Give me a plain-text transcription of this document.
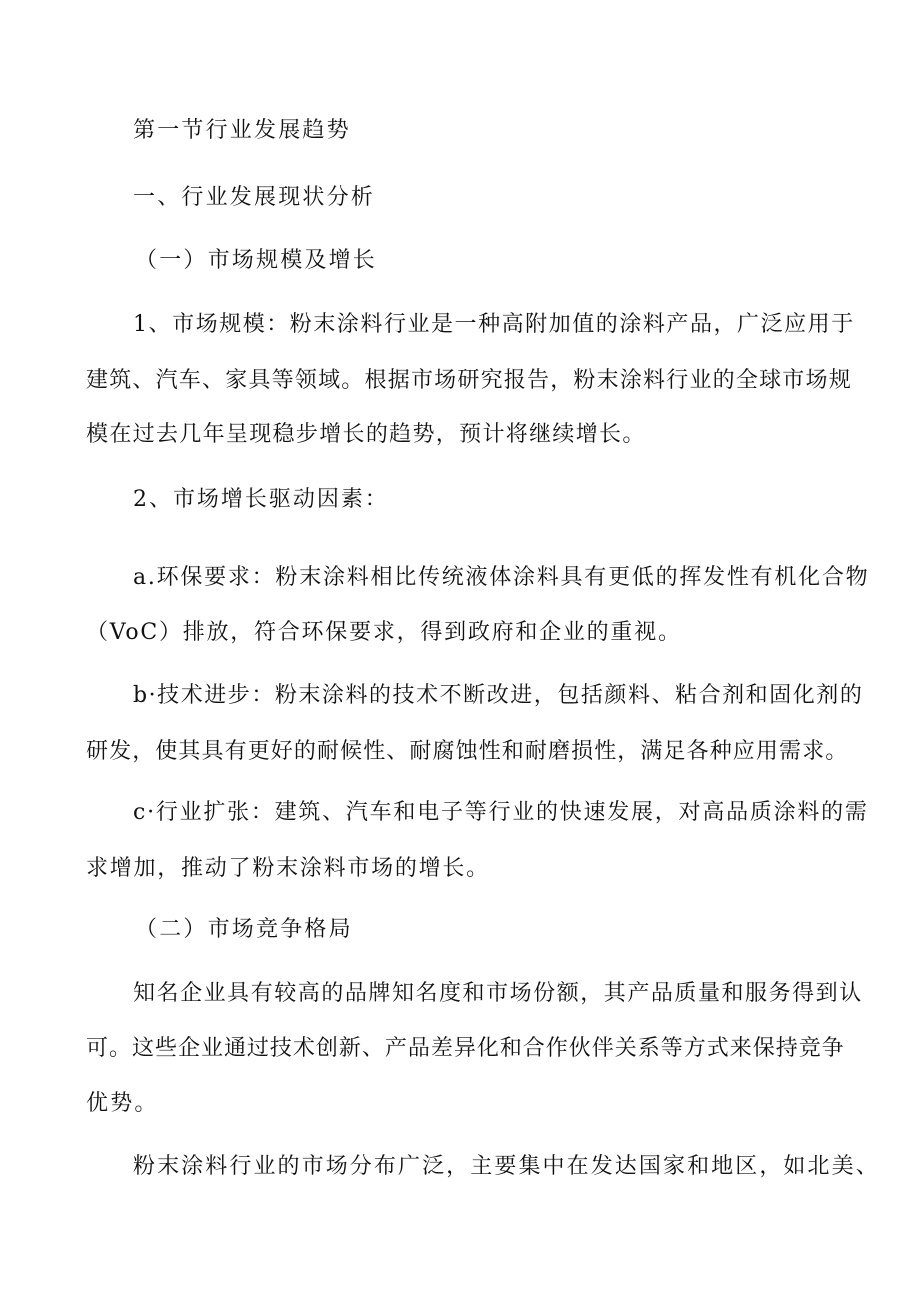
第一节行业发展趋势

一、行业发展现状分析

（一）市场规模及增长

1、市场规模：粉末涂料行业是一种高附加值的涂料产品，广泛应用于

建筑、汽车、家具等领域。根据市场研究报告，粉末涂料行业的全球市场规

模在过去几年呈现稳步增长的趋势，预计将继续增长。

2、市场增长驱动因素：

a.环保要求：粉末涂料相比传统液体涂料具有更低的挥发性有机化合物

（VoC）排放，符合环保要求，得到政府和企业的重视。

b·技术进步：粉末涂料的技术不断改进，包括颜料、粘合剂和固化剂的

研发，使其具有更好的耐候性、耐腐蚀性和耐磨损性，满足各种应用需求。

c·行业扩张：建筑、汽车和电子等行业的快速发展，对高品质涂料的需

求增加，推动了粉末涂料市场的增长。

（二）市场竞争格局

知名企业具有较高的品牌知名度和市场份额，其产品质量和服务得到认

可。这些企业通过技术创新、产品差异化和合作伙伴关系等方式来保持竞争

优势。

粉末涂料行业的市场分布广泛，主要集中在发达国家和地区，如北美、
